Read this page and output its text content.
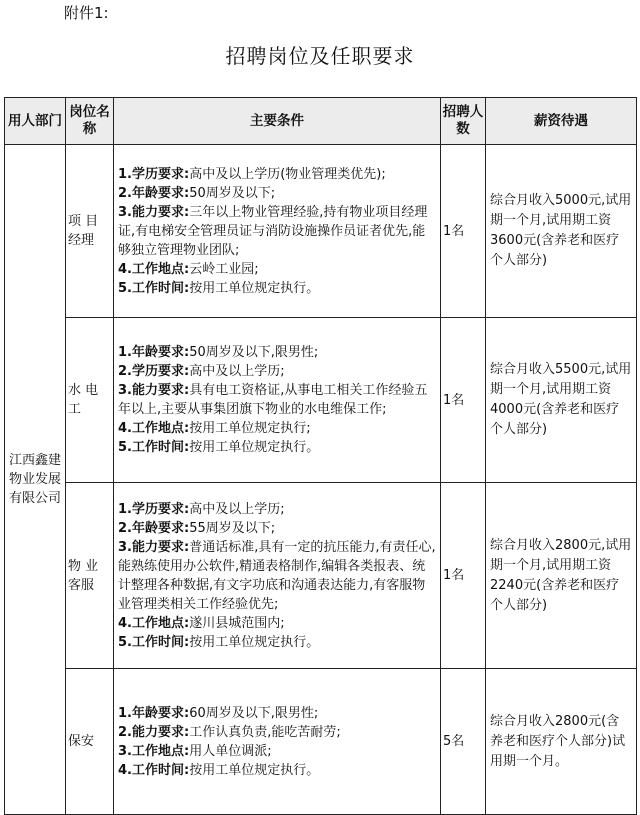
附件1:
招聘岗位及任职要求
用人部门	岗位名称	主要条件	招聘人数	薪资待遇
江西鑫建物业发展有限公司	项 目经理	1.学历要求:高中及以上学历(物业管理类优先);
2.年龄要求:50周岁及以下;
3.能力要求:三年以上物业管理经验,持有物业项目经理证,有电梯安全管理员证与消防设施操作员证者优先,能够独立管理物业团队;
4.工作地点:云岭工业园;
5.工作时间:按用工单位规定执行。	1名	综合月收入5000元,试用期一个月,试用期工资3600元(含养老和医疗个人部分)
	水 电工	1.年龄要求:50周岁及以下,限男性;
2.学历要求:高中及以上学历;
3.能力要求:具有电工资格证,从事电工相关工作经验五年以上,主要从事集团旗下物业的水电维保工作;
4.工作地点:按用工单位规定执行;
5.工作时间:按用工单位规定执行。	1名	综合月收入5500元,试用期一个月,试用期工资4000元(含养老和医疗个人部分)
	物 业客服	1.学历要求:高中及以上学历;
2.年龄要求:55周岁及以下;
3.能力要求:普通话标准,具有一定的抗压能力,有责任心,能熟练使用办公软件,精通表格制作,编辑各类报表、统计整理各种数据,有文字功底和沟通表达能力,有客服物业管理类相关工作经验优先;
4.工作地点:遂川县城范围内;
5.工作时间:按用工单位规定执行。	1名	综合月收入2800元,试用期一个月,试用期工资2240元(含养老和医疗个人部分)
	保安	1.年龄要求:60周岁及以下,限男性;
2.能力要求:工作认真负责,能吃苦耐劳;
3.工作地点:用人单位调派;
4.工作时间:按用工单位规定执行。	5名	综合月收入2800元(含养老和医疗个人部分)试用期一个月。
